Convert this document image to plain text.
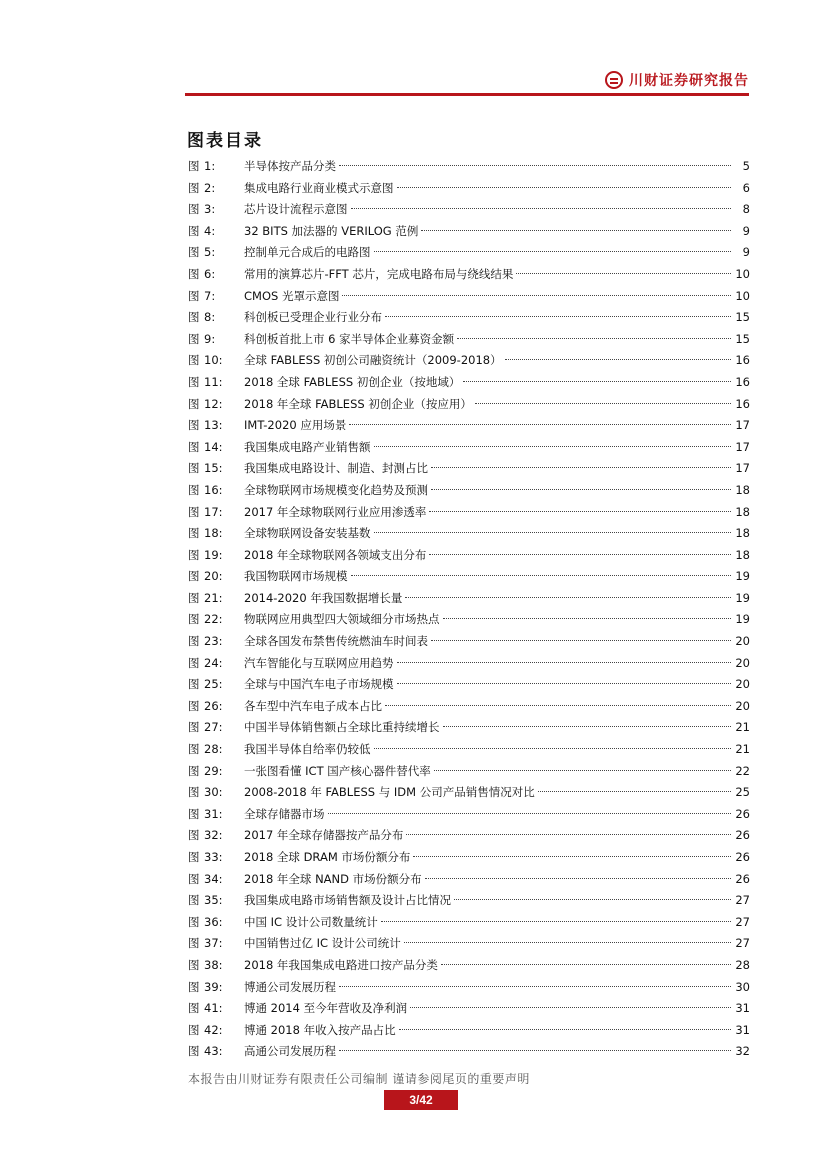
川财证券研究报告
图表目录
图 1:	半导体按产品分类	5
图 2:	集成电路行业商业模式示意图	6
图 3:	芯片设计流程示意图	8
图 4:	32 BITS 加法器的 VERILOG 范例	9
图 5:	控制单元合成后的电路图	9
图 6:	常用的演算芯片-FFT 芯片，完成电路布局与绕线结果	10
图 7:	CMOS 光罩示意图	10
图 8:	科创板已受理企业行业分布	15
图 9:	科创板首批上市 6 家半导体企业募资金额	15
图 10:	全球 FABLESS 初创公司融资统计（2009-2018）	16
图 11:	2018 全球 FABLESS 初创企业（按地域）	16
图 12:	2018 年全球 FABLESS 初创企业（按应用）	16
图 13:	IMT-2020 应用场景	17
图 14:	我国集成电路产业销售额	17
图 15:	我国集成电路设计、制造、封测占比	17
图 16:	全球物联网市场规模变化趋势及预测	18
图 17:	2017 年全球物联网行业应用渗透率	18
图 18:	全球物联网设备安装基数	18
图 19:	2018 年全球物联网各领域支出分布	18
图 20:	我国物联网市场规模	19
图 21:	2014-2020 年我国数据增长量	19
图 22:	物联网应用典型四大领域细分市场热点	19
图 23:	全球各国发布禁售传统燃油车时间表	20
图 24:	汽车智能化与互联网应用趋势	20
图 25:	全球与中国汽车电子市场规模	20
图 26:	各车型中汽车电子成本占比	20
图 27:	中国半导体销售额占全球比重持续增长	21
图 28:	我国半导体自给率仍较低	21
图 29:	一张图看懂 ICT 国产核心器件替代率	22
图 30:	2008-2018 年 FABLESS 与 IDM 公司产品销售情况对比	25
图 31:	全球存储器市场	26
图 32:	2017 年全球存储器按产品分布	26
图 33:	2018 全球 DRAM 市场份额分布	26
图 34:	2018 年全球 NAND 市场份额分布	26
图 35:	我国集成电路市场销售额及设计占比情况	27
图 36:	中国 IC 设计公司数量统计	27
图 37:	中国销售过亿 IC 设计公司统计	27
图 38:	2018 年我国集成电路进口按产品分类	28
图 39:	博通公司发展历程	30
图 41:	博通 2014 至今年营收及净利润	31
图 42:	博通 2018 年收入按产品占比	31
图 43:	高通公司发展历程	32
本报告由川财证券有限责任公司编制 谨请参阅尾页的重要声明
3/42
